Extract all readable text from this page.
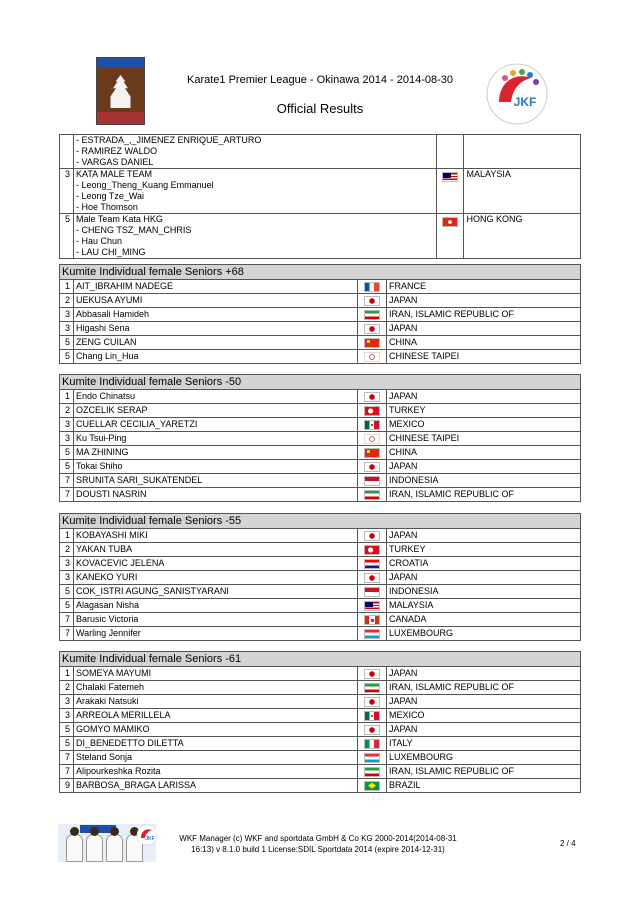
Karate1 Premier League - Okinawa 2014 - 2014-08-30
Official Results	JKF

	- ESTRADA_,_JIMENEZ ENRIQUE_ARTURO
- RAMIREZ WALDO
- VARGAS DANIEL		

3	KATA MALE TEAM
- Leong_Theng_Kuang Emmanuel
- Leong Tze_Wai
- Hoe Thomson		MALAYSIA
5	Male Team Kata HKG
- CHENG TSZ_MAN_CHRIS
- Hau Chun
- LAU CHI_MING		HONG KONG
Kumite Individual female Seniors +68			
1	AIT_IBRAHIM NADEGE		FRANCE
2	UEKUSA AYUMI		JAPAN
3	Abbasali Hamideh		IRAN, ISLAMIC REPUBLIC OF
3	Higashi Sena		JAPAN
5	ZENG CUILAN		CHINA
5	Chang Lin_Hua		CHINESE TAIPEI
Kumite Individual female Seniors -50			
1	Endo Chinatsu		JAPAN
2	OZCELIK SERAP		TURKEY
3	CUELLAR CECILIA_YARETZI		MEXICO
3	Ku Tsui-Ping		CHINESE TAIPEI
5	MA ZHINING		CHINA
5	Tokai Shiho		JAPAN
7	SRUNITA SARI_SUKATENDEL		INDONESIA
7	DOUSTI NASRIN		IRAN, ISLAMIC REPUBLIC OF
Kumite Individual female Seniors -55			
1	KOBAYASHI MIKI		JAPAN
2	YAKAN TUBA		TURKEY
3	KOVACEVIC JELENA		CROATIA
3	KANEKO YURI		JAPAN
5	COK_ISTRI AGUNG_SANISTYARANI		INDONESIA
5	Alagasan Nisha		MALAYSIA
7	Barusic Victoria		CANADA
7	Warling Jennifer		LUXEMBOURG
Kumite Individual female Seniors -61			
1	SOMEYA MAYUMI		JAPAN
2	Chalaki Fatemeh		IRAN, ISLAMIC REPUBLIC OF
3	Arakaki Natsuki		JAPAN
3	ARREOLA MERILLELA		MEXICO
5	GOMYO MAMIKO		JAPAN
5	DI_BENEDETTO DILETTA		ITALY
7	Steland Sonja		LUXEMBOURG
7	Alipourkeshka Rozita		IRAN, ISLAMIC REPUBLIC OF
9	BARBOSA_BRAGA LARISSA		BRAZIL
JKF	WKF Manager (c) WKF and sportdata GmbH & Co KG 2000-2014(2014-08-31
16:13) v 8.1.0 build 1 License:SDIL Sportdata 2014 (expire 2014-12-31)
2 / 4
